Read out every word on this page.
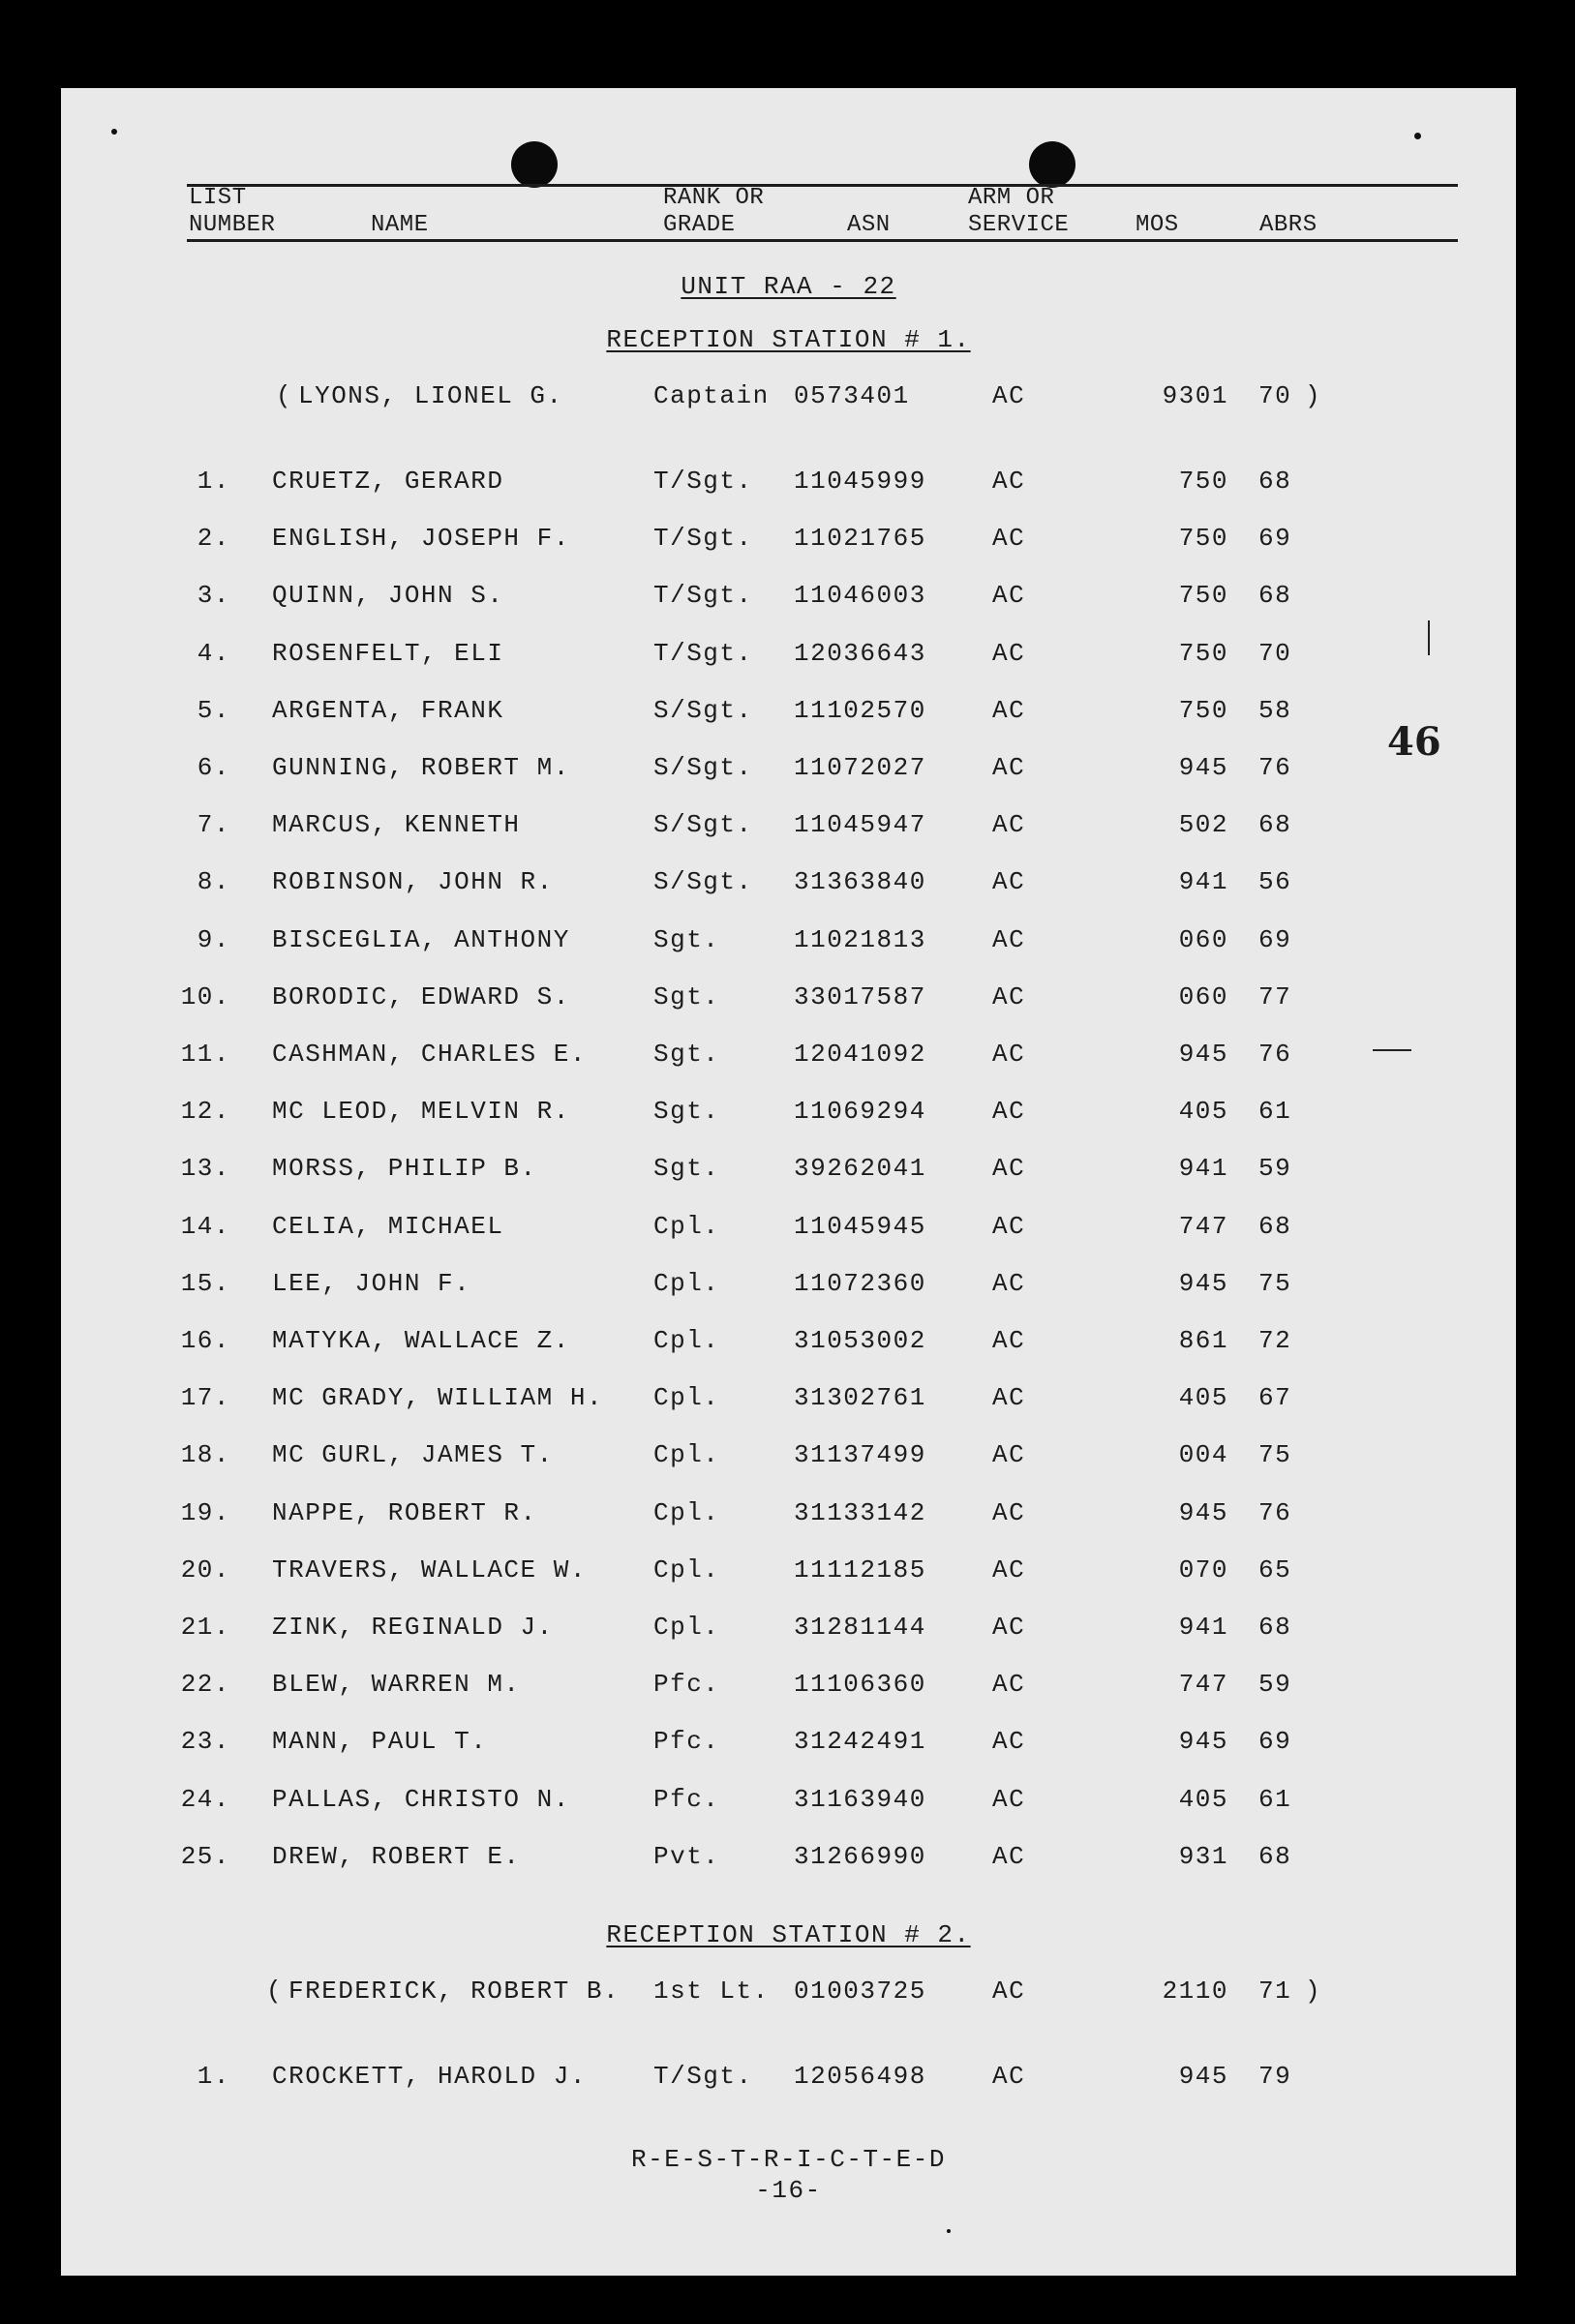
LIST
NUMBER	NAME
RANK OR
GRADE	ASN
ARM OR
SERVICE	MOS	ABRS
UNIT RAA - 22
RECEPTION STATION # 1.
( LYONS, LIONEL G.	Captain 0573401	AC	9301 70 )
1. CRUETZ, GERARD	T/Sgt. 11045999	AC	750 68
2. ENGLISH, JOSEPH F.	T/Sgt. 11021765	AC	750 69
3. QUINN, JOHN S.	T/Sgt. 11046003	AC	750 68
4. ROSENFELT, ELI	T/Sgt. 12036643	AC	750 70
5. ARGENTA, FRANK	S/Sgt. 11102570	AC	750 58
6. GUNNING, ROBERT M.	S/Sgt. 11072027	AC	945 76
7. MARCUS, KENNETH	S/Sgt. 11045947	AC	502 68
8. ROBINSON, JOHN R.	S/Sgt. 31363840	AC	941 56
9. BISCEGLIA, ANTHONY	Sgt.	11021813	AC	060 69
10. BORODIC, EDWARD S.	Sgt.	33017587	AC	060 77
11. CASHMAN, CHARLES E.	Sgt.	12041092	AC	945 76
12. MC LEOD, MELVIN R.	Sgt.	11069294	AC	405 61
13. MORSS, PHILIP B.	Sgt.	39262041	AC	941 59
14. CELIA, MICHAEL	Cpl.	11045945	AC	747 68
15. LEE, JOHN F.	Cpl.	11072360	AC	945 75
16. MATYKA, WALLACE Z.	Cpl.	31053002	AC	861 72
17. MC GRADY, WILLIAM H. Cpl.	31302761	AC	405 67
18. MC GURL, JAMES T.	Cpl.	31137499	AC	004 75
19. NAPPE, ROBERT R.	Cpl.	31133142	AC	945 76
20. TRAVERS, WALLACE W.	Cpl.	11112185	AC	070 65
21. ZINK, REGINALD J.	Cpl.	31281144	AC	941 68
22. BLEW, WARREN M.	Pfc.	11106360	AC	747 59
23. MANN, PAUL T.	Pfc.	31242491	AC	945 69
24. PALLAS, CHRISTO N.	Pfc.	31163940	AC	405 61
25. DREW, ROBERT E.	Pvt.	31266990	AC	931 68
RECEPTION STATION # 2.
( FREDERICK, ROBERT B. 1st Lt. 01003725	AC	2110 71 )
1. CROCKETT, HAROLD J.	T/Sgt. 12056498	AC	945 79
R-E-S-T-R-I-C-T-E-D
-16-
46
